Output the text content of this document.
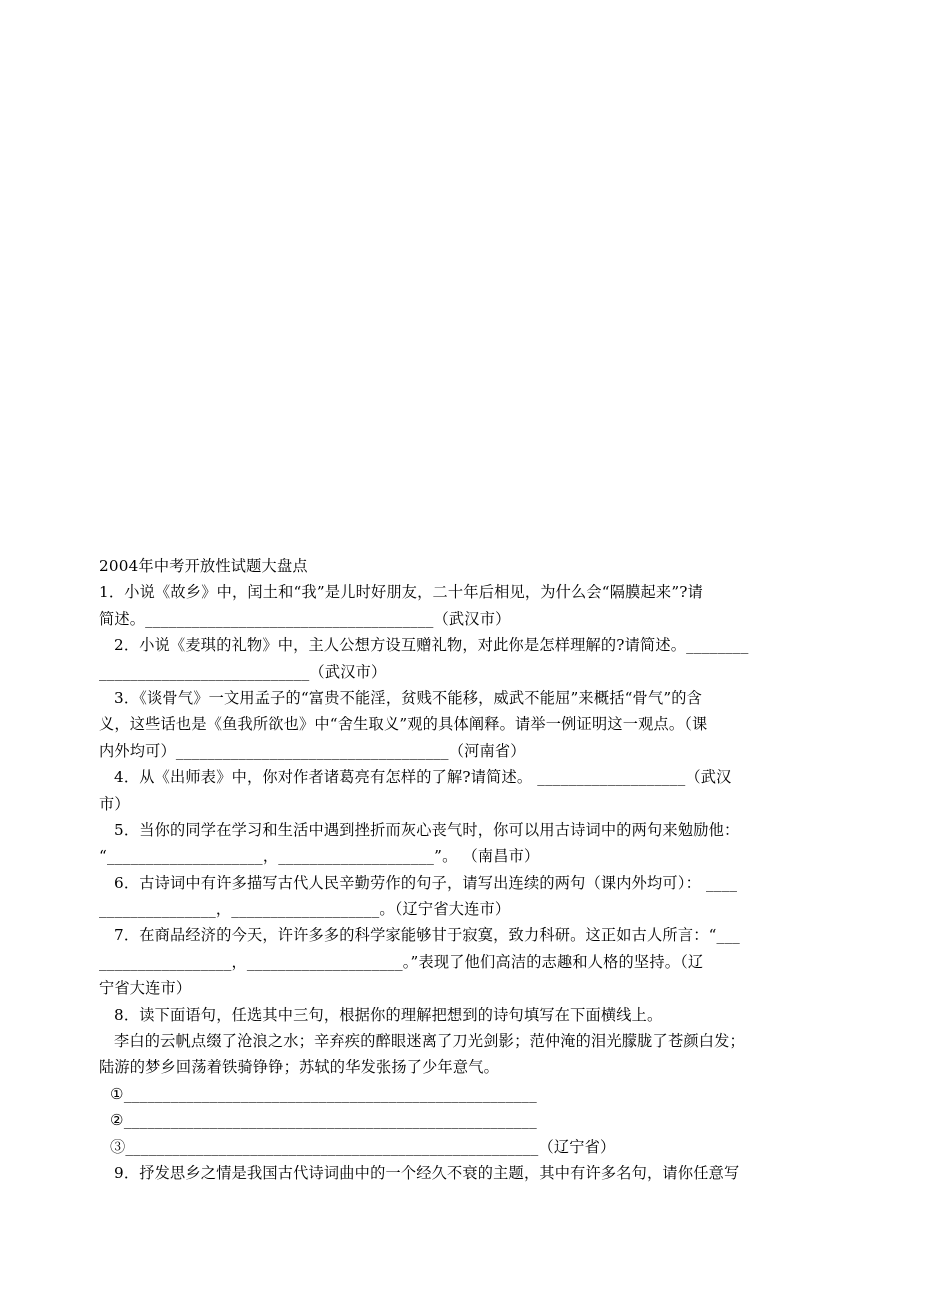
2004年中考开放性试题大盘点
1．小说《故乡》中，闰土和“我”是儿时好朋友，二十年后相见，为什么会“隔膜起来”?请
简述。_____________________________________（武汉市）
2．小说《麦琪的礼物》中，主人公想方设互赠礼物，对此你是怎样理解的?请简述。________
___________________________（武汉市）
3．《谈骨气》一文用孟子的“富贵不能淫，贫贱不能移，威武不能屈”来概括“骨气”的含
义，这些话也是《鱼我所欲也》中“舍生取义”观的具体阐释。请举一例证明这一观点。（课
内外均可）___________________________________（河南省）
4．从《出师表》中，你对作者诸葛亮有怎样的了解?请简述。 ___________________（武汉
市）
5．当你的同学在学习和生活中遇到挫折而灰心丧气时，你可以用古诗词中的两句来勉励他：
“____________________，____________________”。 （南昌市）
6．古诗词中有许多描写古代人民辛勤劳作的句子，请写出连续的两句（课内外均可）： ____
_______________，___________________。（辽宁省大连市）
7．在商品经济的今天，许许多多的科学家能够甘于寂寞，致力科研。这正如古人所言：“___
_________________，____________________。”表现了他们高洁的志趣和人格的坚持。（辽
宁省大连市）
8．读下面语句，任选其中三句，根据你的理解把想到的诗句填写在下面横线上。
李白的云帆点缀了沧浪之水；辛弃疾的醉眼迷离了刀光剑影；范仲淹的泪光朦胧了苍颜白发；
陆游的梦乡回荡着铁骑铮铮；苏轼的华发张扬了少年意气。
①_____________________________________________________
②_____________________________________________________
③_____________________________________________________（辽宁省）
9．抒发思乡之情是我国古代诗词曲中的一个经久不衰的主题，其中有许多名句，请你任意写
